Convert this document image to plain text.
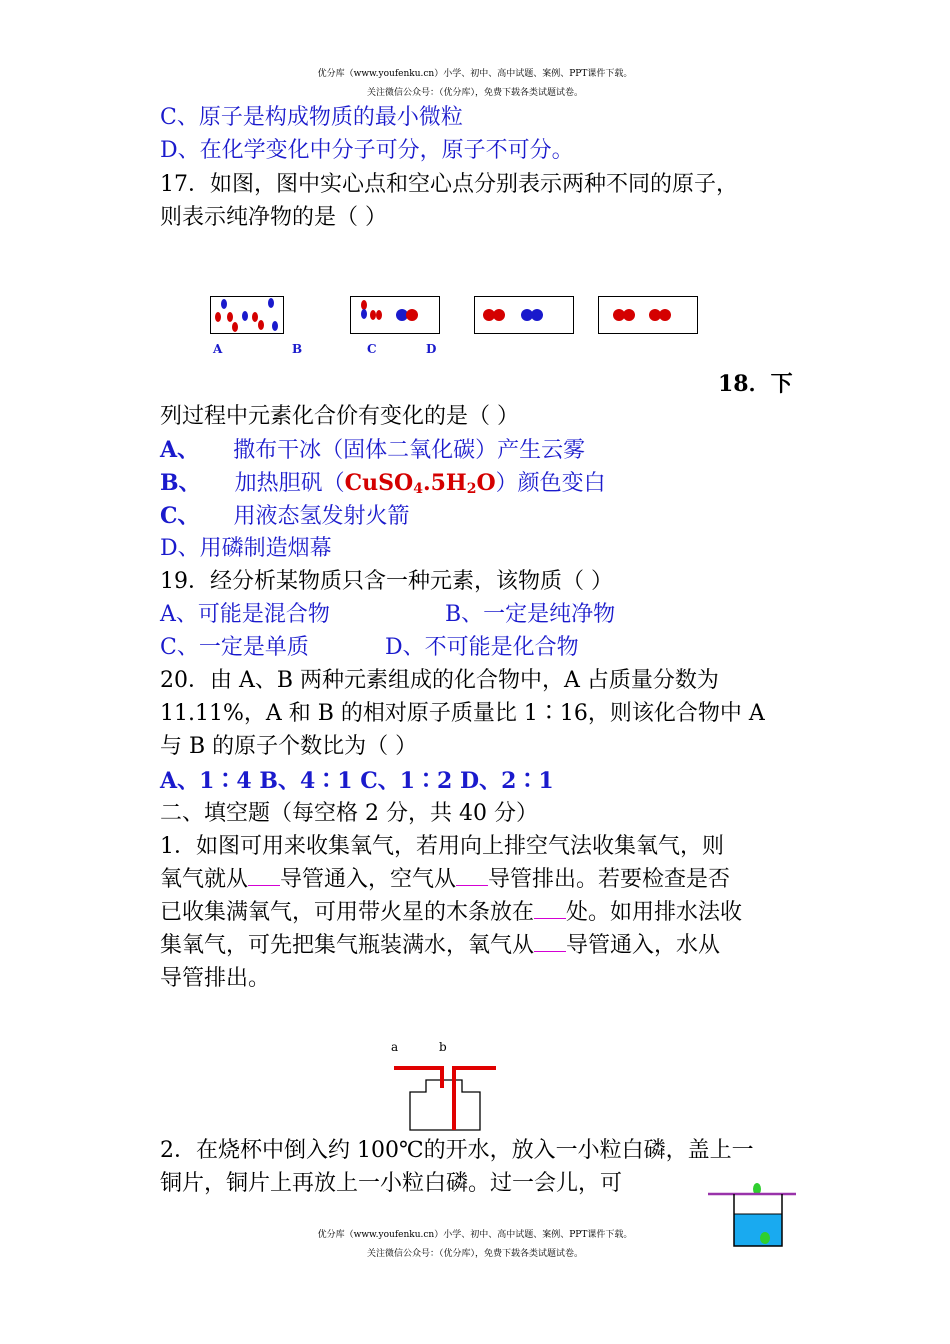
优分库（www.youfenku.cn）小学、初中、高中试题、案例、PPT课件下载。
关注微信公众号：（优分库），免费下载各类试题试卷。
C、原子是构成物质的最小微粒
D、在化学变化中分子可分，原子不可分。
17．如图，图中实心点和空心点分别表示两种不同的原子，
则表示纯净物的是（ ）
A	B	C	D
18．下
列过程中元素化合价有变化的是（ ）
A、 撒布干冰（固体二氧化碳）产生云雾
B、 加热胆矾$(CuSO_4.5H_2O)$颜色变白
C、 用液态氢发射火箭
D、用磷制造烟幕
19．经分析某物质只含一种元素，该物质（ ）
A、可能是混合物	B、一定是纯净物
C、一定是单质	D、不可能是化合物
20．由 A、B 两种元素组成的化合物中，A 占质量分数为
11.11%，A 和 B 的相对原子质量比 1∶16，则该化合物中 A
与 B 的原子个数比为（ ）
A、1∶4 B、4∶1 C、1∶2 D、2∶1
二、填空题（每空格 2 分，共 40 分）
1．如图可用来收集氧气，若用向上排空气法收集氧气，则
氧气就从 导管通入，空气从 导管排出。若要检查是否
已收集满氧气，可用带火星的木条放在 处。如用排水法收
集氧气，可先把集气瓶装满水，氧气从 导管通入，水从
导管排出。
a	b
2．在烧杯中倒入约 100℃的开水，放入一小粒白磷，盖上一
铜片，铜片上再放上一小粒白磷。过一会儿，可
优分库（www.youfenku.cn）小学、初中、高中试题、案例、PPT课件下载。
关注微信公众号：（优分库），免费下载各类试题试卷。
